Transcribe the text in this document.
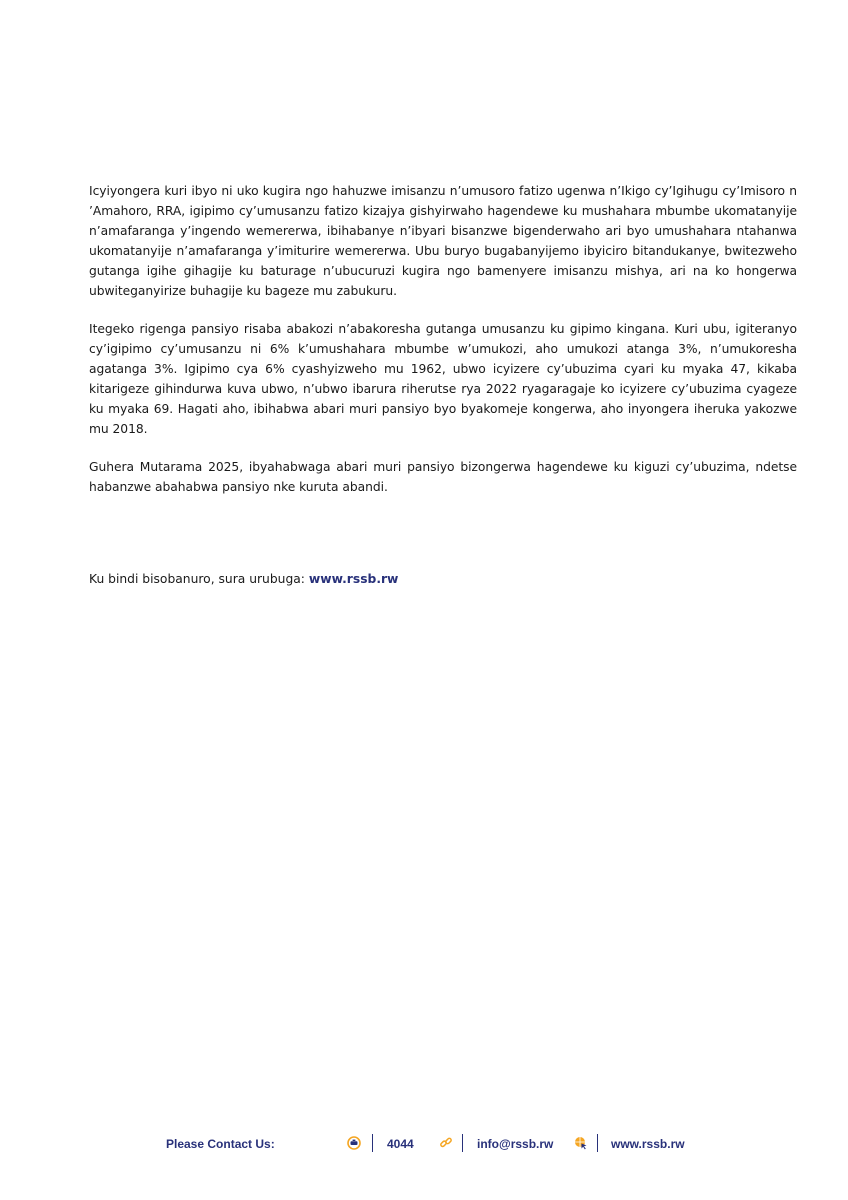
Icyiyongera kuri ibyo ni uko kugira ngo hahuzwe imisanzu n’umusoro fatizo ugenwa n’Ikigo cy’Igihugu cy’Imisoro n ’Amahoro, RRA, igipimo cy’umusanzu fatizo kizajya gishyirwaho hagendewe ku mushahara mbumbe ukomatanyije n’amafaranga y’ingendo wemererwa, ibihabanye n’ibyari bisanzwe bigenderwaho ari byo umushahara ntahanwa ukomatanyije n’amafaranga y’imiturire wemererwa. Ubu buryo bugabanyijemo ibyiciro bitandukanye, bwitezweho gutanga igihe gihagije ku baturage n’ubucuruzi kugira ngo bamenyere imisanzu mishya, ari na ko hongerwa ubwiteganyirize buhagije ku bageze mu zabukuru.

Itegeko rigenga pansiyo risaba abakozi n’abakoresha gutanga umusanzu ku gipimo kingana. Kuri ubu, igiteranyo cy’igipimo cy’umusanzu ni 6% k’umushahara mbumbe w’umukozi, aho umukozi atanga 3%, n’umukoresha agatanga 3%. Igipimo cya 6% cyashyizweho mu 1962, ubwo icyizere cy’ubuzima cyari ku myaka 47, kikaba kitarigeze gihindurwa kuva ubwo, n’ubwo ibarura riherutse rya 2022 ryagaragaje ko icyizere cy’ubuzima cyageze ku myaka 69. Hagati aho, ibihabwa abari muri pansiyo byo byakomeje kongerwa, aho inyongera iheruka yakozwe mu 2018.

Guhera Mutarama 2025, ibyahabwaga abari muri pansiyo bizongerwa hagendewe ku kiguzi cy’ubuzima, ndetse habanzwe abahabwa pansiyo nke kuruta abandi.

Ku bindi bisobanuro, sura urubuga: www.rssb.rw
Please Contact Us:	4044	info@rssb.rw	www.rssb.rw
